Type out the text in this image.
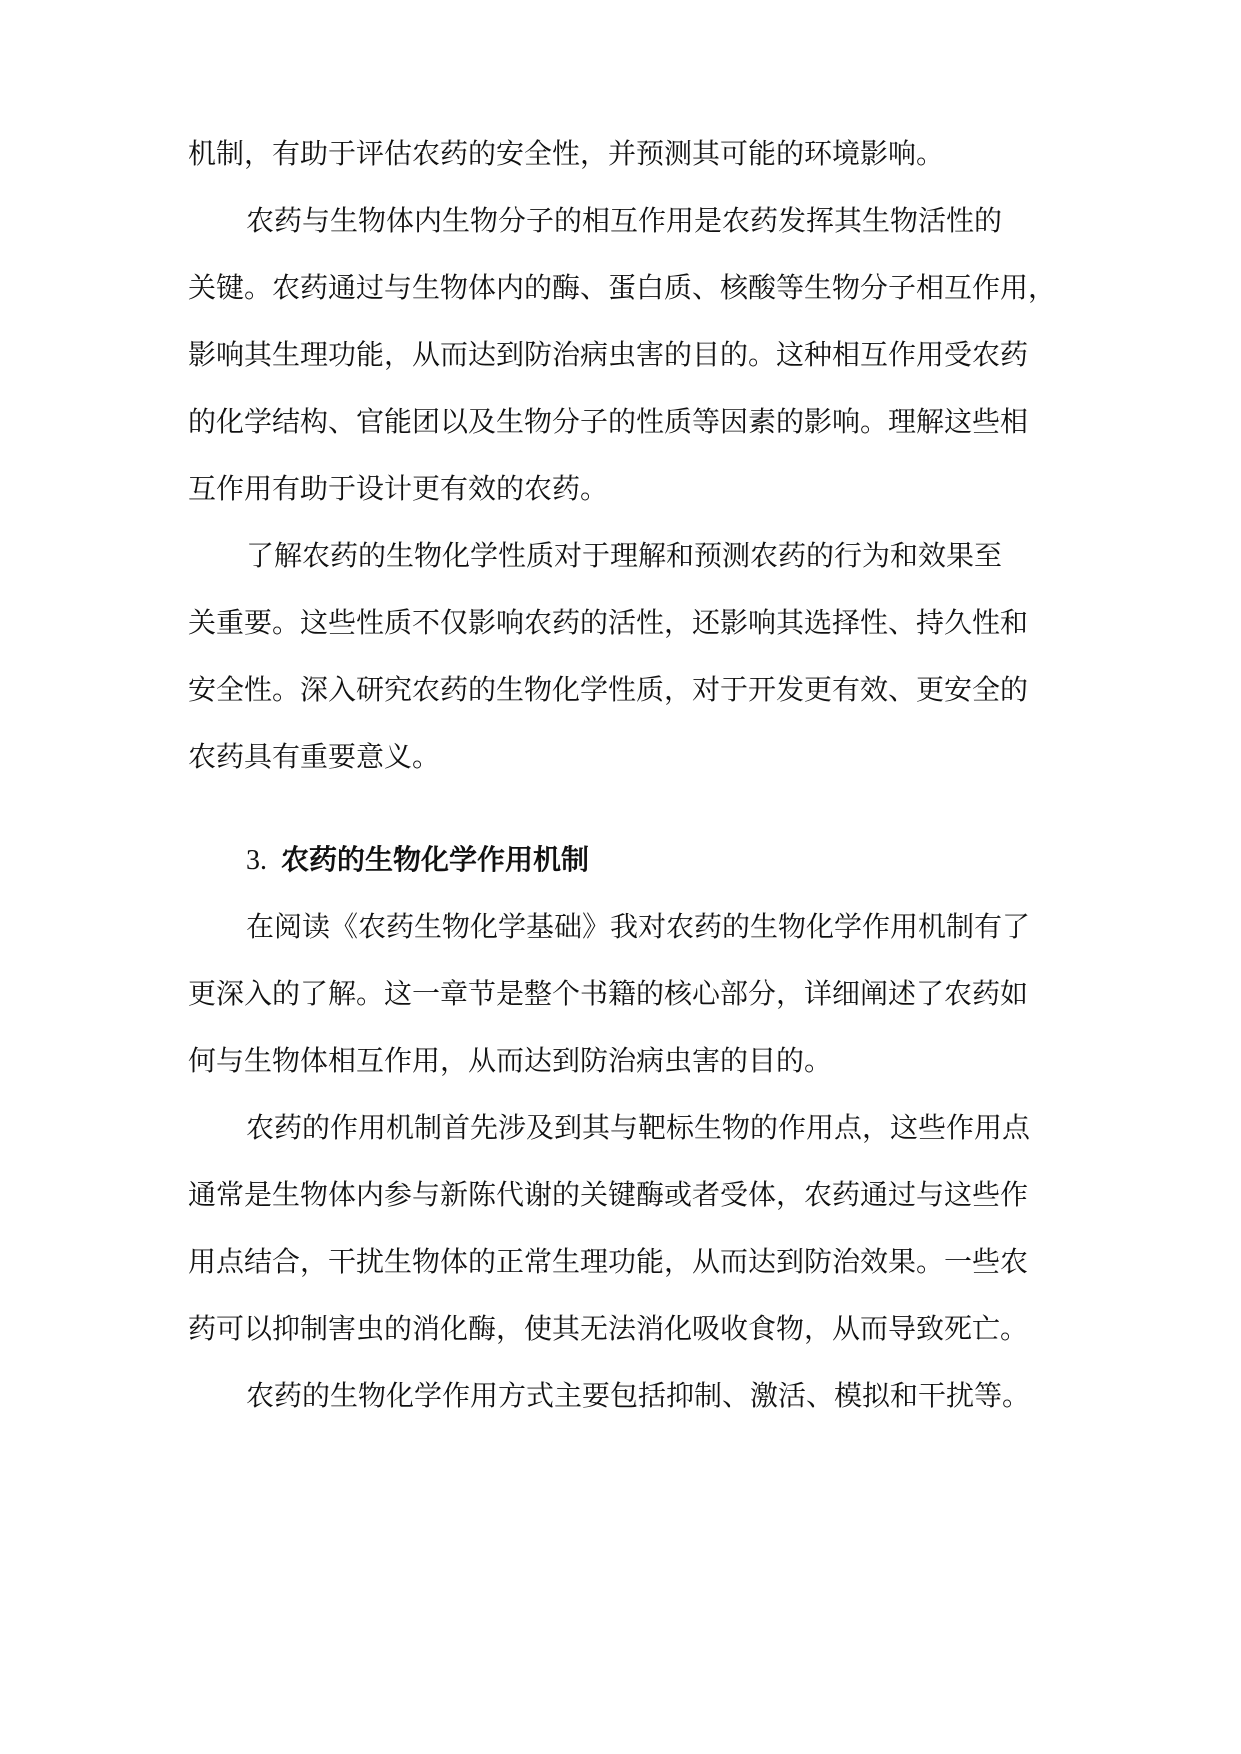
机制，有助于评估农药的安全性，并预测其可能的环境影响。
农药与生物体内生物分子的相互作用是农药发挥其生物活性的
关键。农药通过与生物体内的酶、蛋白质、核酸等生物分子相互作用，
影响其生理功能，从而达到防治病虫害的目的。这种相互作用受农药
的化学结构、官能团以及生物分子的性质等因素的影响。理解这些相
互作用有助于设计更有效的农药。
了解农药的生物化学性质对于理解和预测农药的行为和效果至
关重要。这些性质不仅影响农药的活性，还影响其选择性、持久性和
安全性。深入研究农药的生物化学性质，对于开发更有效、更安全的
农药具有重要意义。
3. 农药的生物化学作用机制
在阅读《农药生物化学基础》我对农药的生物化学作用机制有了
更深入的了解。这一章节是整个书籍的核心部分，详细阐述了农药如
何与生物体相互作用，从而达到防治病虫害的目的。
农药的作用机制首先涉及到其与靶标生物的作用点，这些作用点
通常是生物体内参与新陈代谢的关键酶或者受体，农药通过与这些作
用点结合，干扰生物体的正常生理功能，从而达到防治效果。一些农
药可以抑制害虫的消化酶，使其无法消化吸收食物，从而导致死亡。
农药的生物化学作用方式主要包括抑制、激活、模拟和干扰等。
